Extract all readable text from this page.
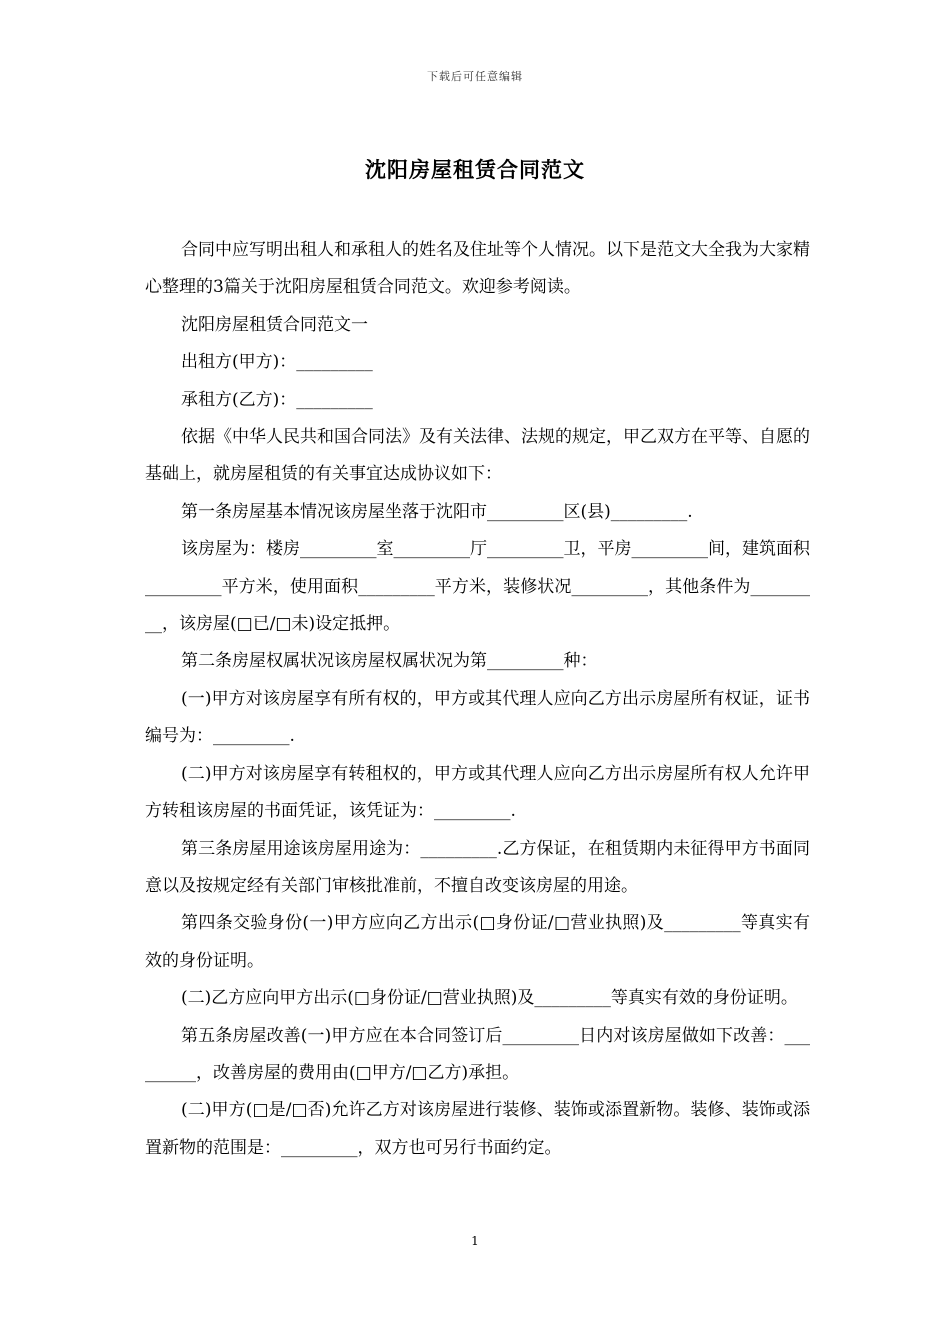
下载后可任意编辑
沈阳房屋租赁合同范文

合同中应写明出租人和承租人的姓名及住址等个人情况。以下是范文大全我为大家精心整理的3篇关于沈阳房屋租赁合同范文。欢迎参考阅读。

沈阳房屋租赁合同范文一

出租方(甲方)：_________

承租方(乙方)：_________

依据《中华人民共和国合同法》及有关法律、法规的规定，甲乙双方在平等、自愿的基础上，就房屋租赁的有关事宜达成协议如下：

第一条房屋基本情况该房屋坐落于沈阳市_________区(县)_________.

该房屋为：楼房_________室_________厅_________卫，平房_________间，建筑面积_________平方米，使用面积_________平方米，装修状况_________，其他条件为_________，该房屋(□已/□未)设定抵押。

第二条房屋权属状况该房屋权属状况为第_________种：

(一)甲方对该房屋享有所有权的，甲方或其代理人应向乙方出示房屋所有权证，证书编号为：_________.

(二)甲方对该房屋享有转租权的，甲方或其代理人应向乙方出示房屋所有权人允许甲方转租该房屋的书面凭证，该凭证为：_________.

第三条房屋用途该房屋用途为：_________.乙方保证，在租赁期内未征得甲方书面同意以及按规定经有关部门审核批准前，不擅自改变该房屋的用途。

第四条交验身份(一)甲方应向乙方出示(□身份证/□营业执照)及_________等真实有效的身份证明。

(二)乙方应向甲方出示(□身份证/□营业执照)及_________等真实有效的身份证明。

第五条房屋改善(一)甲方应在本合同签订后_________日内对该房屋做如下改善：_________，改善房屋的费用由(□甲方/□乙方)承担。

(二)甲方(□是/□否)允许乙方对该房屋进行装修、装饰或添置新物。装修、装饰或添置新物的范围是：_________，双方也可另行书面约定。

1
